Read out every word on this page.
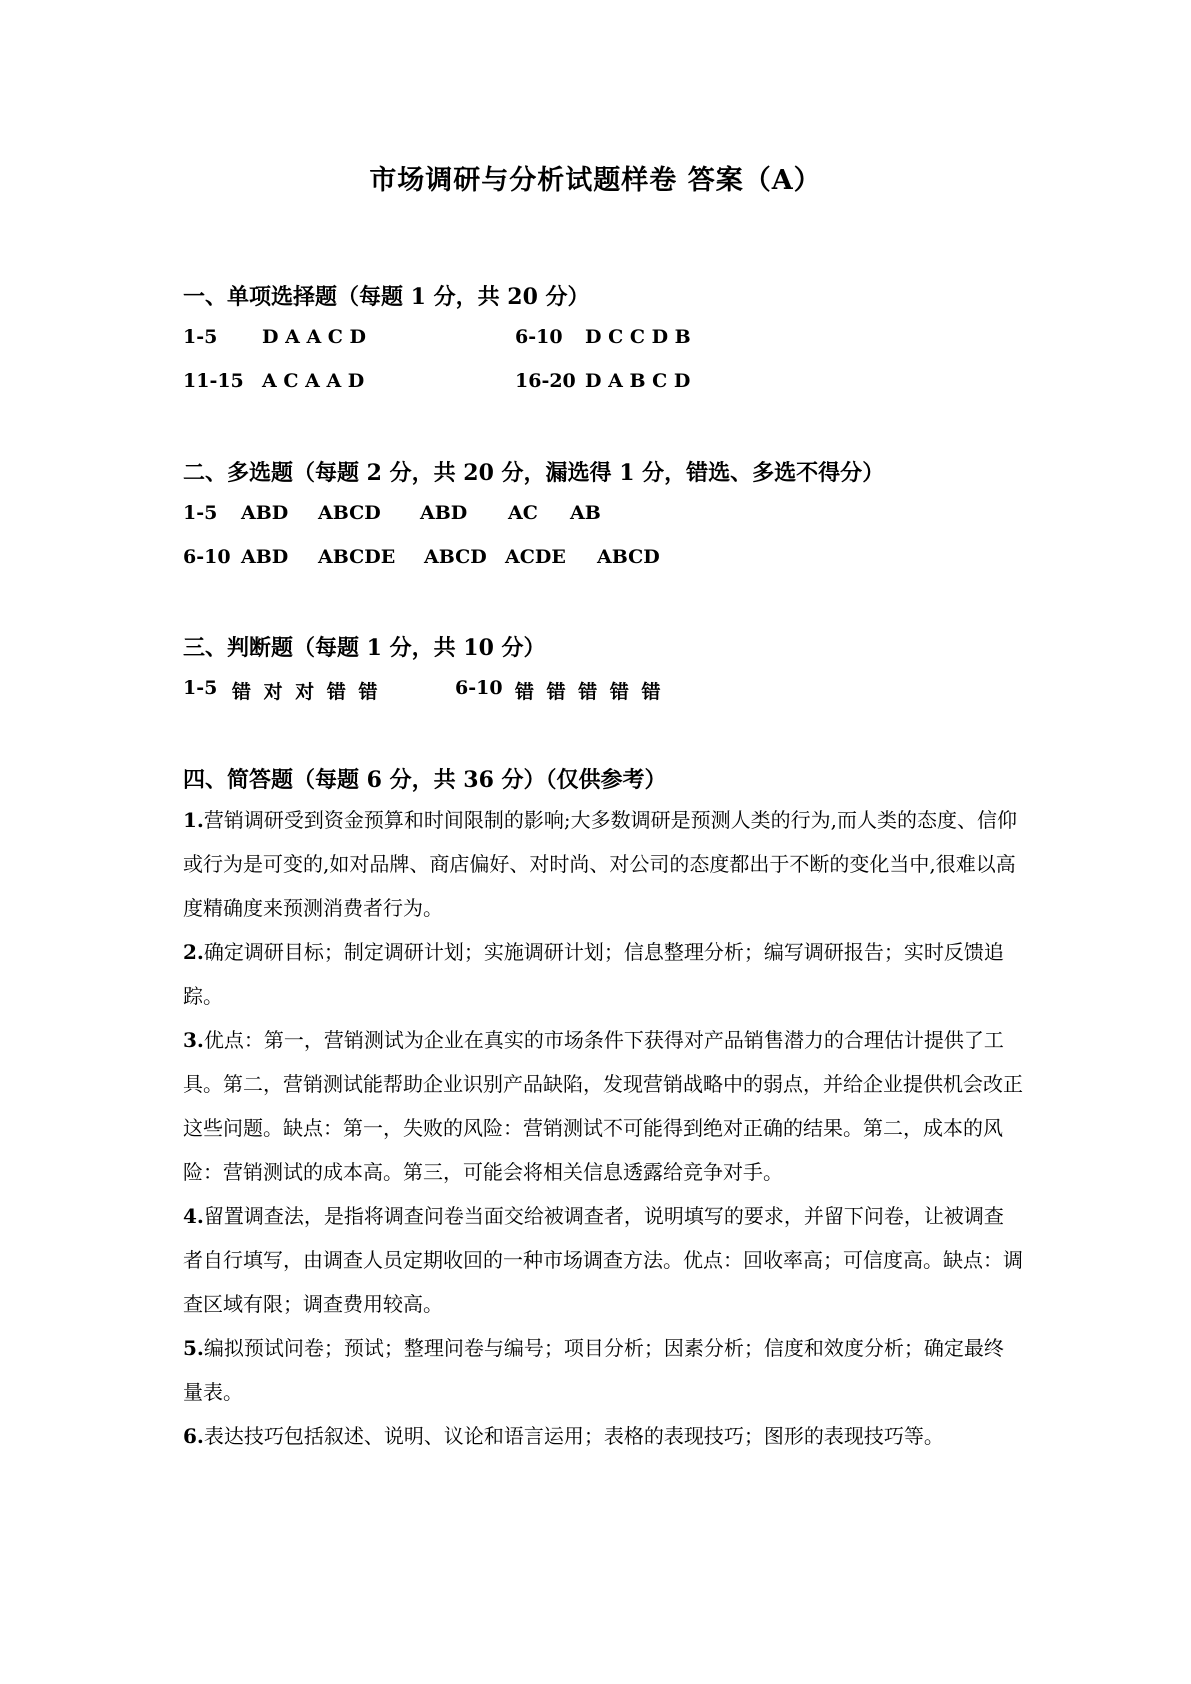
市场调研与分析试题样卷 答案（A）
一、单项选择题（每题 1 分，共 20 分）
1-5 D A A C D	6-10 D C C D B
11-15 A C A A D	16-20 D A B C D
二、多选题（每题 2 分，共 20 分，漏选得 1 分，错选、多选不得分）
1-5 ABD ABCD ABD AC AB
6-10 ABD ABCDE ABCD ACDE ABCD
三、判断题（每题 1 分，共 10 分）
1-5 错 对 对 错 错	6-10 错 错 错 错 错
四、简答题（每题 6 分，共 36 分）（仅供参考）
1.营销调研受到资金预算和时间限制的影响;大多数调研是预测人类的行为,而人类的态度、信仰或行为是可变的,如对品牌、商店偏好、对时尚、对公司的态度都出于不断的变化当中,很难以高度精确度来预测消费者行为。
2.确定调研目标；制定调研计划；实施调研计划；信息整理分析；编写调研报告；实时反馈追踪。
3.优点：第一，营销测试为企业在真实的市场条件下获得对产品销售潜力的合理估计提供了工具。第二，营销测试能帮助企业识别产品缺陷，发现营销战略中的弱点，并给企业提供机会改正这些问题。缺点：第一，失败的风险：营销测试不可能得到绝对正确的结果。第二，成本的风险：营销测试的成本高。第三，可能会将相关信息透露给竞争对手。
4.留置调查法，是指将调查问卷当面交给被调查者，说明填写的要求，并留下问卷，让被调查者自行填写，由调查人员定期收回的一种市场调查方法。优点：回收率高；可信度高。缺点：调查区域有限；调查费用较高。
5.编拟预试问卷；预试；整理问卷与编号；项目分析；因素分析；信度和效度分析；确定最终量表。
6.表达技巧包括叙述、说明、议论和语言运用；表格的表现技巧；图形的表现技巧等。
